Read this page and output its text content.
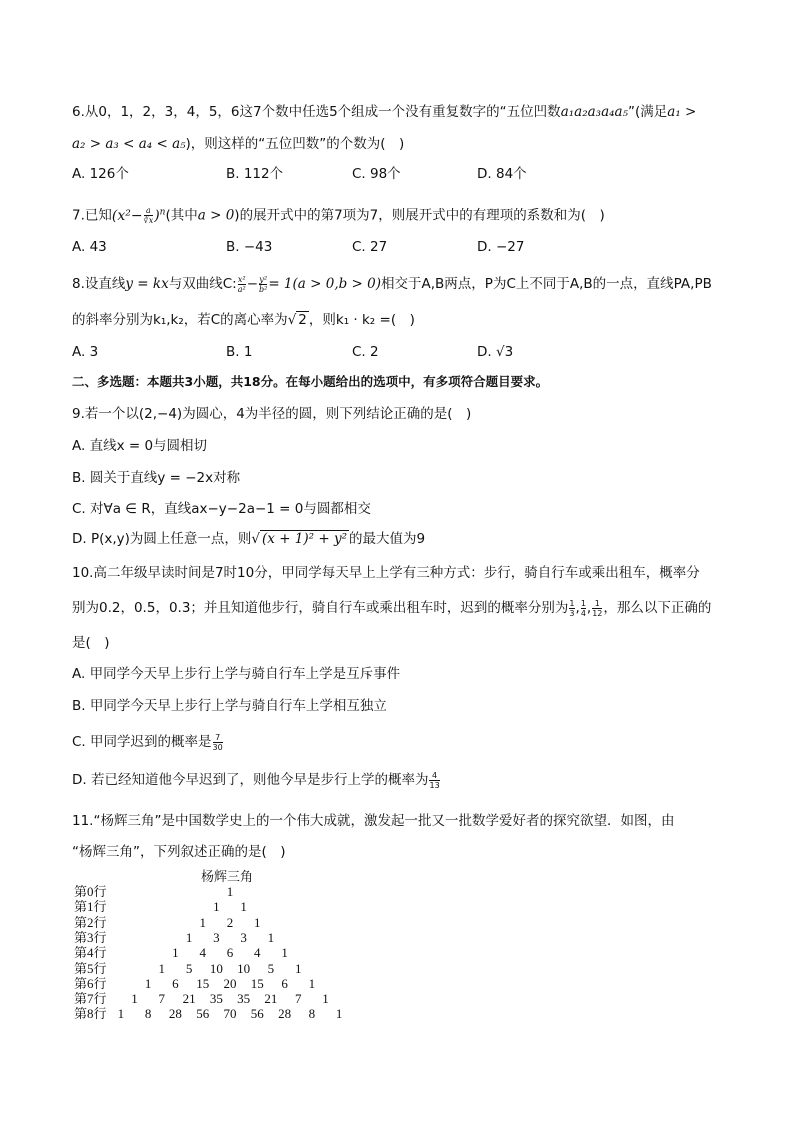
6.从0，1，2，3，4，5，6这7个数中任选5个组成一个没有重复数字的“五位凹数a₁a₂a₃a₄a₅”(满足a₁ >
a₂ > a₃ < a₄ < a₅)，则这样的“五位凹数”的个数为(　)
A. 126个	B. 112个	C. 98个	D. 84个
7.已知$(x^2- \frac{a}{∛x} )^n$(其中a > 0)的展开式中的第7项为7，则展开式中的有理项的系数和为(　)
A. 43	B. −43	C. 27	D. −27
8.设直线y = kx与双曲线C: $\frac{\text{x²}}{\text{a²}} - \frac{\text{y²}}{\text{b²}} = 1(a > 0,b > 0)$相交于A,B两点，P为C上不同于A,B的一点，直线PA,PB
的斜率分别为k₁,k₂，若C的离心率为√ 2 ，则k₁ · k₂ =(　)
A. 3	B. 1	C. 2	D. √3
二、多选题：本题共3小题，共18分。在每小题给出的选项中，有多项符合题目要求。
9.若一个以(2,−4)为圆心，4为半径的圆，则下列结论正确的是(　)
A. 直线x = 0与圆相切
B. 圆关于直线y = −2x对称
C. 对∀a ∈ R，直线ax−y−2a−1 = 0与圆都相交
D. P(x,y)为圆上任意一点，则√ (x + 1)² + y² 的最大值为9
10.高二年级早读时间是7时10分，甲同学每天早上上学有三种方式：步行，骑自行车或乘出租车，概率分
别为0.2，0.5，0.3；并且知道他步行，骑自行车或乘出租车时，迟到的概率分别为 $\frac{1}{3}$ , $\frac{1}{4}$ , $\frac{1}{12}$ ，那么以下正确的
是(　)
A. 甲同学今天早上步行上学与骑自行车上学是互斥事件
B. 甲同学今天早上步行上学与骑自行车上学相互独立
C. 甲同学迟到的概率是 $\frac{7}{30}$
D. 若已经知道他今早迟到了，则他今早是步行上学的概率为 $\frac{4}{13}$
11.“杨辉三角”是中国数学史上的一个伟大成就，激发起一批又一批数学爱好者的探究欲望．如图，由
“杨辉三角”，下列叙述正确的是(　)
杨辉三角
第0行	1
第1行	1	1
第2行	1	2	1
第3行	1	3	3	1
第4行	1	4	6	4	1
第5行	1	5	10	10	5	1
第6行	1	6	15	20	15	6	1
第7行	1	7	21	35	35	21	7	1
第8行 1	8	28	56	70	56	28	8	1
